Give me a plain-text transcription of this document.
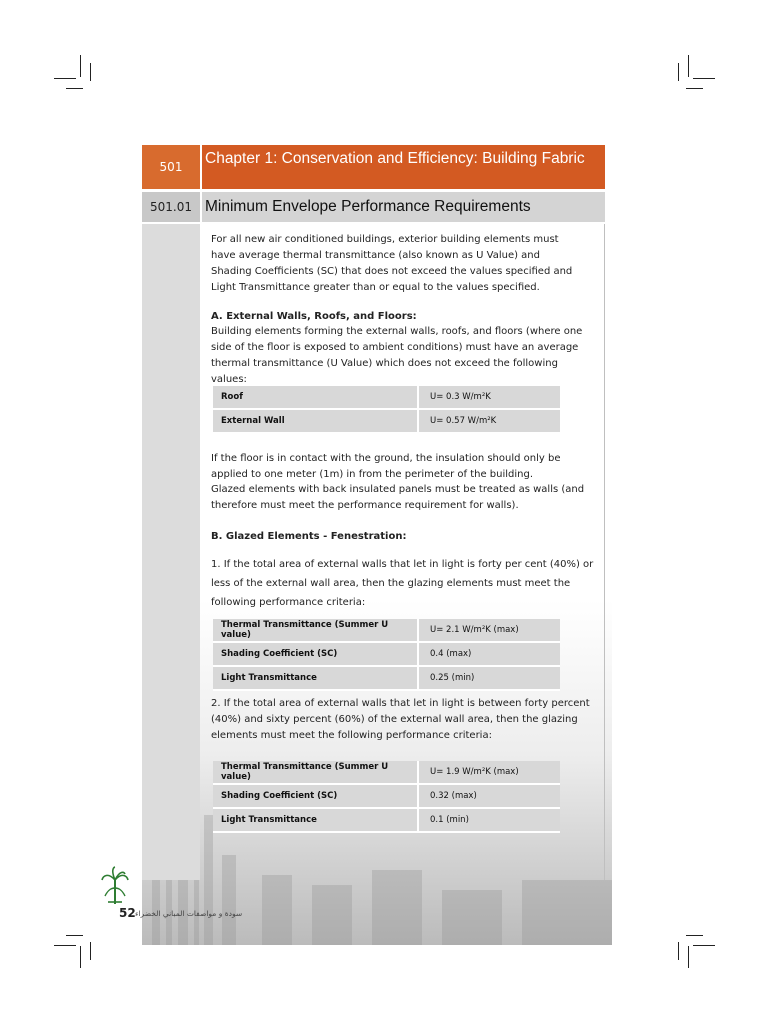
501	Chapter 1: Conservation and Efficiency: Building Fabric
501.01 Minimum Envelope Performance Requirements
For all new air conditioned buildings, exterior building elements must have average thermal transmittance (also known as U Value) and Shading Coefficients (SC) that does not exceed the values specified and Light Transmittance greater than or equal to the values specified.
A. External Walls, Roofs, and Floors:
Building elements forming the external walls, roofs, and floors (where one side of the floor is exposed to ambient conditions) must have an average thermal transmittance (U Value) which does not exceed the following values:
Roof	U= 0.3 W/m²K
External Wall	U= 0.57 W/m²K
If the floor is in contact with the ground, the insulation should only be applied to one meter (1m) in from the perimeter of the building.
Glazed elements with back insulated panels must be treated as walls (and therefore must meet the performance requirement for walls).
B. Glazed Elements - Fenestration:
1. If the total area of external walls that let in light is forty per cent (40%) or less of the external wall area, then the glazing elements must meet the following performance criteria:
Thermal Transmittance (Summer U value)	U= 2.1 W/m²K (max)
Shading Coefficient (SC)	0.4 (max)
Light Transmittance	0.25 (min)
2. If the total area of external walls that let in light is between forty percent (40%) and sixty percent (60%) of the external wall area, then the glazing elements must meet the following performance criteria:
Thermal Transmittance (Summer U value)	U= 1.9 W/m²K (max)
Shading Coefficient (SC)	0.32 (max)
Light Transmittance	0.1 (min)
52 سودة و مواصفات المباني الخضراء
